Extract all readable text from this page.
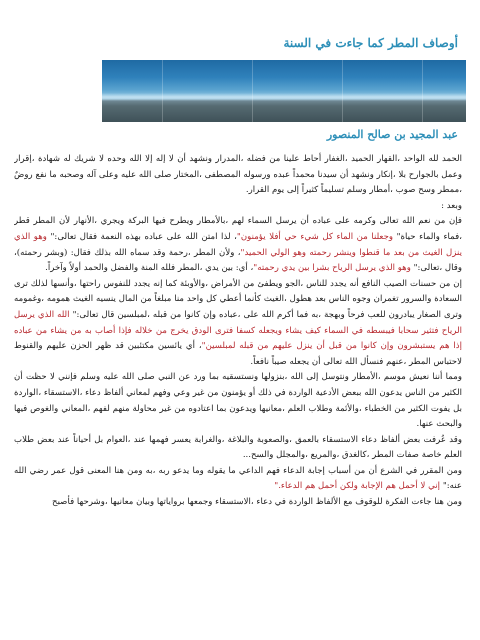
أوصاف المطر كما جاءت في السنة
عبد المجيد بن صالح المنصور

الحمد لله الواحد ،القهار الحميد ،الغفار أحاط علينا من فضله ،المدرار ونشهد أن لا إله إلا الله وحده لا شريك له شهادة ،إقرار وعمل بالجوارح بلا ،إنكار ونشهد أن سيدنا محمداً عبده ورسوله المصطفى ،المختار صلى الله عليه وعلى آله وصحبه ما نفع روضٌ ،ممطر وسح صوب ،أمطار وسلم تسليماً كثيراً إلى يوم القرار.

وبعد :

فإن من نعم الله تعالى وكرمه على عباده أن يرسل السماء لهم ،بالأمطار ويطرح فيها البركة ويجري ،الأنهار لأن المطر قطر ،فماء والماء حياة" وجعلنا من الماء كل شيء حي أفلا يؤمنون"، لذا امتن الله على عباده بهذه النعمة فقال تعالى:" وهو الذي ينزل الغيث من بعد ما قنطوا وينشر رحمته وهو الولي الحميد"، ولأن المطر ،رحمة وقد سماه الله بذلك فقال: (وبشر رحمته)، وقال ،تعالى:" وهو الذي يرسل الرياح بشرا بين يدي رحمته"، أي: بين يدي ،المطر فلله المنة والفضل والحمد أولاً وآخراً.

إن من حسنات الصيب النافع أنه يجدد للناس ،الجو ويطفئ من الأمراض ،والأوبئة كما إنه يجدد للنفوس راحتها ،وأنسها لذلك ترى السعادة والسرور تغمران وجوه الناس بعد هطول ،الغيث كأنما أعطي كل واحد منا مبلغاً من المال ينسيه الغيث همومه ،وغمومه وترى الصغار يبادرون للعب فرحاً وبهجة ،به فما أكرم الله على ،عباده وإن كانوا من قبله ،لمبلسين قال تعالى:" الله الذي يرسل الرياح فتثير سحابا فيبسطه في السماء كيف يشاء ويجعله كسفا فترى الودق يخرج من خلاله فإذا أصاب به من يشاء من عباده إذا هم يستبشرون وإن كانوا من قبل أن ينزل عليهم من قبله لمبلسين"، أي يائسين مكتئبين قد ظهر الحزن عليهم والقنوط لاحتباس المطر ،عنهم فنسأل الله تعالى أن يجعله صيباً نافعاً.

ومما أننا نعيش موسم ،الأمطار ونتوسل إلى الله ،بنزولها ونستسقيه بما ورد عن النبي صلى الله عليه وسلم فإنني لا حظت أن الكثير من الناس يدعون الله ببعض الأدعية الواردة في ذلك أو يؤمنون من غير وعي وفهم لمعاني ألفاظ دعاء ،الاستسقاء ،الواردة بل يفوت الكثير من الخطباء ،والأئمة وطلاب العلم ،معانيها ويدعون بما اعتادوه من غير محاولة منهم لفهم ،المعاني والغوص فيها والبحث عنها.

وقد عُرفت بعض ألفاظ دعاء الاستسقاء بالعمق ،والصعوبة والبلاغة ،والغرابة يعسر فهمها عند ،العوام بل أحياناً عند بعض طلاب العلم خاصة صفات المطر ،كالغدق ،والمريع ،والمجلل والسح...

ومن المقرر في الشرع أن من أسباب إجابة الدعاء فهم الداعي ما يقوله وما يدعو ربه ،به ومن هنا المعنى قول عمر رضي الله عنه:" إني لا أحمل هم الإجابة ولكن أحمل هم الدعاء."

ومن هنا جاءت الفكرة للوقوف مع الألفاظ الواردة في دعاء ،الاستسقاء وجمعها برواياتها وبيان معانيها ،وشرحها فأصبح
